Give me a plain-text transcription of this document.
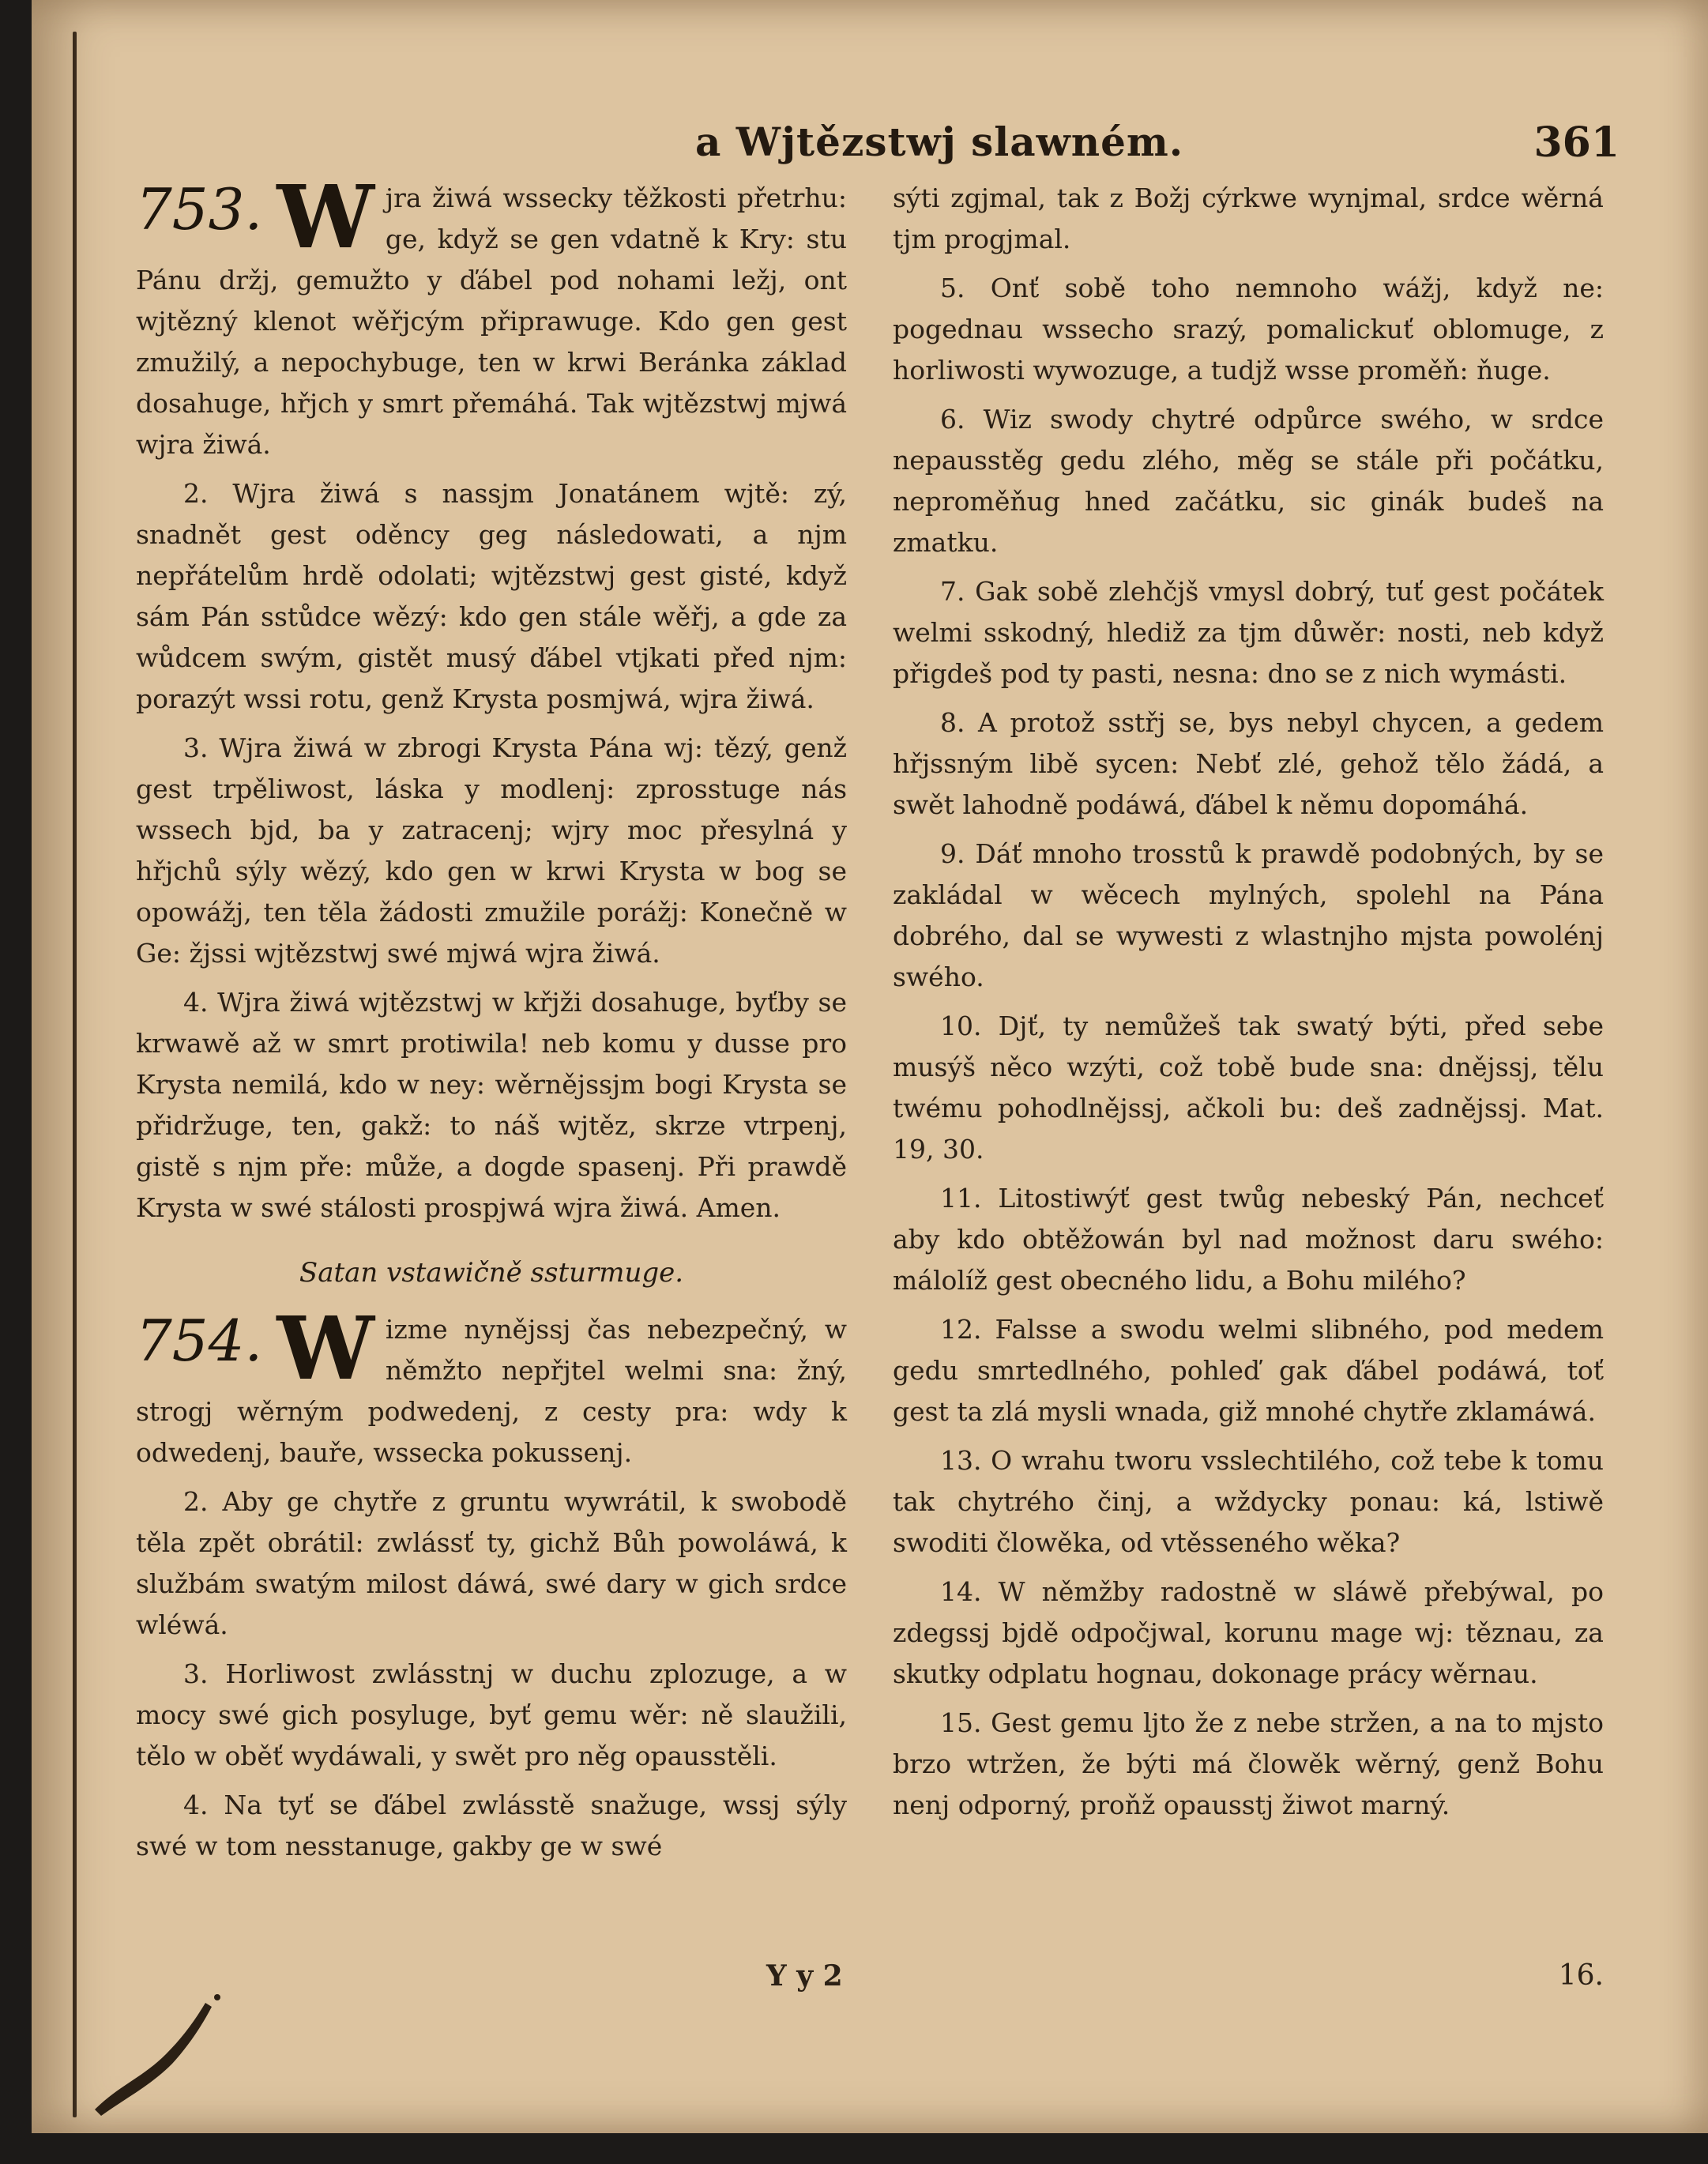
a Wjtězstwj slawném.	361
753. W jra žiwá wssecky těžkosti přetrhu: ge, když se gen vdatně k Kry: stu Pánu držj, gemužto y ďábel pod nohami ležj, ont wjtězný klenot wěřjcým připrawuge. Kdo gen gest zmužilý, a nepochybuge, ten w krwi Beránka základ dosahuge, hřjch y smrt přemáhá. Tak wjtězstwj mjwá wjra žiwá.

2. Wjra žiwá s nassjm Jonatánem wjtě: zý, snadnět gest oděncy geg následowati, a njm nepřátelům hrdě odolati; wjtězstwj gest gisté, když sám Pán sstůdce wězý: kdo gen stále wěřj, a gde za wůdcem swým, gistět musý ďábel vtjkati před njm: porazýt wssi rotu, genž Krysta posmjwá, wjra žiwá.

3. Wjra žiwá w zbrogi Krysta Pána wj: tězý, genž gest trpěliwost, láska y modlenj: zprosstuge nás wssech bjd, ba y zatracenj; wjry moc přesylná y hřjchů sýly wězý, kdo gen w krwi Krysta w bog se opowážj, ten těla žádosti zmužile porážj: Konečně w Ge: žjssi wjtězstwj swé mjwá wjra žiwá.

4. Wjra žiwá wjtězstwj w křjži dosahuge, byťby se krwawě až w smrt protiwila! neb komu y dusse pro Krysta nemilá, kdo w ney: wěrnějssjm bogi Krysta se přidržuge, ten, gakž: to náš wjtěz, skrze vtrpenj, gistě s njm pře: může, a dogde spasenj. Při prawdě Krysta w swé stálosti prospjwá wjra žiwá. Amen.

Satan vstawičně ssturmuge.
754. W izme nynějssj čas nebezpečný, w němžto nepřjtel welmi sna: žný, strogj wěrným podwedenj, z cesty pra: wdy k odwedenj, bauře, wssecka pokussenj.

2. Aby ge chytře z gruntu wywrátil, k swobodě těla zpět obrátil: zwlássť ty, gichž Bůh powoláwá, k službám swatým milost dáwá, swé dary w gich srdce wléwá.

3. Horliwost zwlásstnj w duchu zplozuge, a w mocy swé gich posyluge, byť gemu wěr: ně slaužili, tělo w oběť wydáwali, y swět pro něg opausstěli.

4. Na tyť se ďábel zwlásstě snažuge, wssj sýly swé w tom nesstanuge, gakby ge w swé

sýti zgjmal, tak z Božj cýrkwe wynjmal, srdce wěrná tjm progjmal.

5. Onť sobě toho nemnoho wážj, když ne: pogednau wssecho srazý, pomalickuť oblomuge, z horliwosti wywozuge, a tudjž wsse proměň: ňuge.

6. Wiz swody chytré odpůrce swého, w srdce nepausstěg gedu zlého, měg se stále při počátku, neproměňug hned začátku, sic ginák budeš na zmatku.

7. Gak sobě zlehčjš vmysl dobrý, tuť gest počátek welmi sskodný, hlediž za tjm důwěr: nosti, neb když přigdeš pod ty pasti, nesna: dno se z nich wymásti.

8. A protož sstřj se, bys nebyl chycen, a gedem hřjssným libě sycen: Nebť zlé, gehož tělo žádá, a swět lahodně podáwá, ďábel k němu dopomáhá.

9. Dáť mnoho trosstů k prawdě podobných, by se zakládal w wěcech mylných, spolehl na Pána dobrého, dal se wywesti z wlastnjho mjsta powolénj swého.

10. Djť, ty nemůžeš tak swatý býti, před sebe musýš něco wzýti, což tobě bude sna: dnějssj, tělu twému pohodlnějssj, ačkoli bu: deš zadnějssj. Mat. 19, 30.

11. Litostiwýť gest twůg nebeský Pán, nechceť aby kdo obtěžowán byl nad možnost daru swého: málolíž gest obecného lidu, a Bohu milého?

12. Falsse a swodu welmi slibného, pod medem gedu smrtedlného, pohleď gak ďábel podáwá, toť gest ta zlá mysli wnada, giž mnohé chytře zklamáwá.

13. O wrahu tworu vsslechtilého, což tebe k tomu tak chytrého činj, a wždycky ponau: ká, lstiwě swoditi člowěka, od vtěsseného wěka?

14. W němžby radostně w sláwě přebýwal, po zdegssj bjdě odpočjwal, korunu mage wj: těznau, za skutky odplatu hognau, dokonage prácy wěrnau.

15. Gest gemu ljto že z nebe stržen, a na to mjsto brzo wtržen, že býti má člowěk wěrný, genž Bohu nenj odporný, proňž opausstj žiwot marný.

Y y 2	16.
